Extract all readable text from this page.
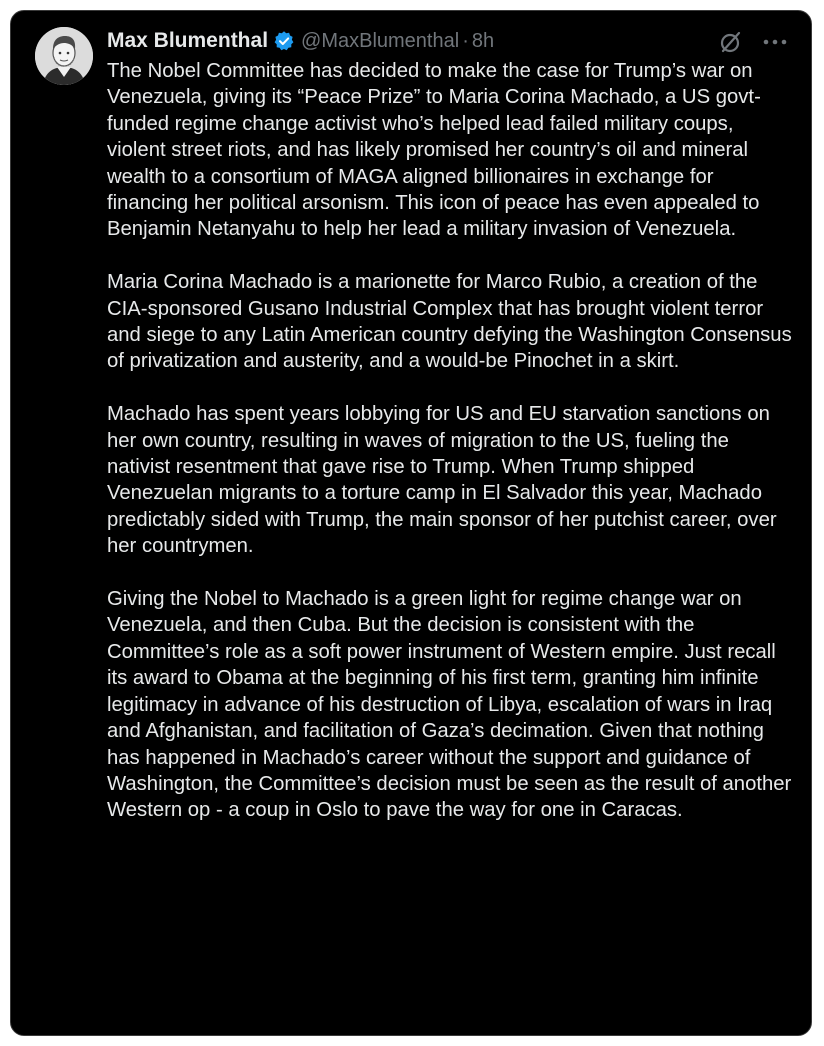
Max Blumenthal @MaxBlumenthal · 8h

The Nobel Committee has decided to make the case for Trump’s war on Venezuela, giving its “Peace Prize” to Maria Corina Machado, a US govt-funded regime change activist who’s helped lead failed military coups, violent street riots, and has likely promised her country’s oil and mineral wealth to a consortium of MAGA aligned billionaires in exchange for financing her political arsonism. This icon of peace has even appealed to Benjamin Netanyahu to help her lead a military invasion of Venezuela.

Maria Corina Machado is a marionette for Marco Rubio, a creation of the CIA-sponsored Gusano Industrial Complex that has brought violent terror and siege to any Latin American country defying the Washington Consensus of privatization and austerity, and a would-be Pinochet in a skirt.

Machado has spent years lobbying for US and EU starvation sanctions on her own country, resulting in waves of migration to the US, fueling the nativist resentment that gave rise to Trump. When Trump shipped Venezuelan migrants to a torture camp in El Salvador this year, Machado predictably sided with Trump, the main sponsor of her putchist career, over her countrymen.

Giving the Nobel to Machado is a green light for regime change war on Venezuela, and then Cuba. But the decision is consistent with the Committee’s role as a soft power instrument of Western empire. Just recall its award to Obama at the beginning of his first term, granting him infinite legitimacy in advance of his destruction of Libya, escalation of wars in Iraq and Afghanistan, and facilitation of Gaza’s decimation. Given that nothing has happened in Machado’s career without the support and guidance of Washington, the Committee’s decision must be seen as the result of another Western op - a coup in Oslo to pave the way for one in Caracas.
